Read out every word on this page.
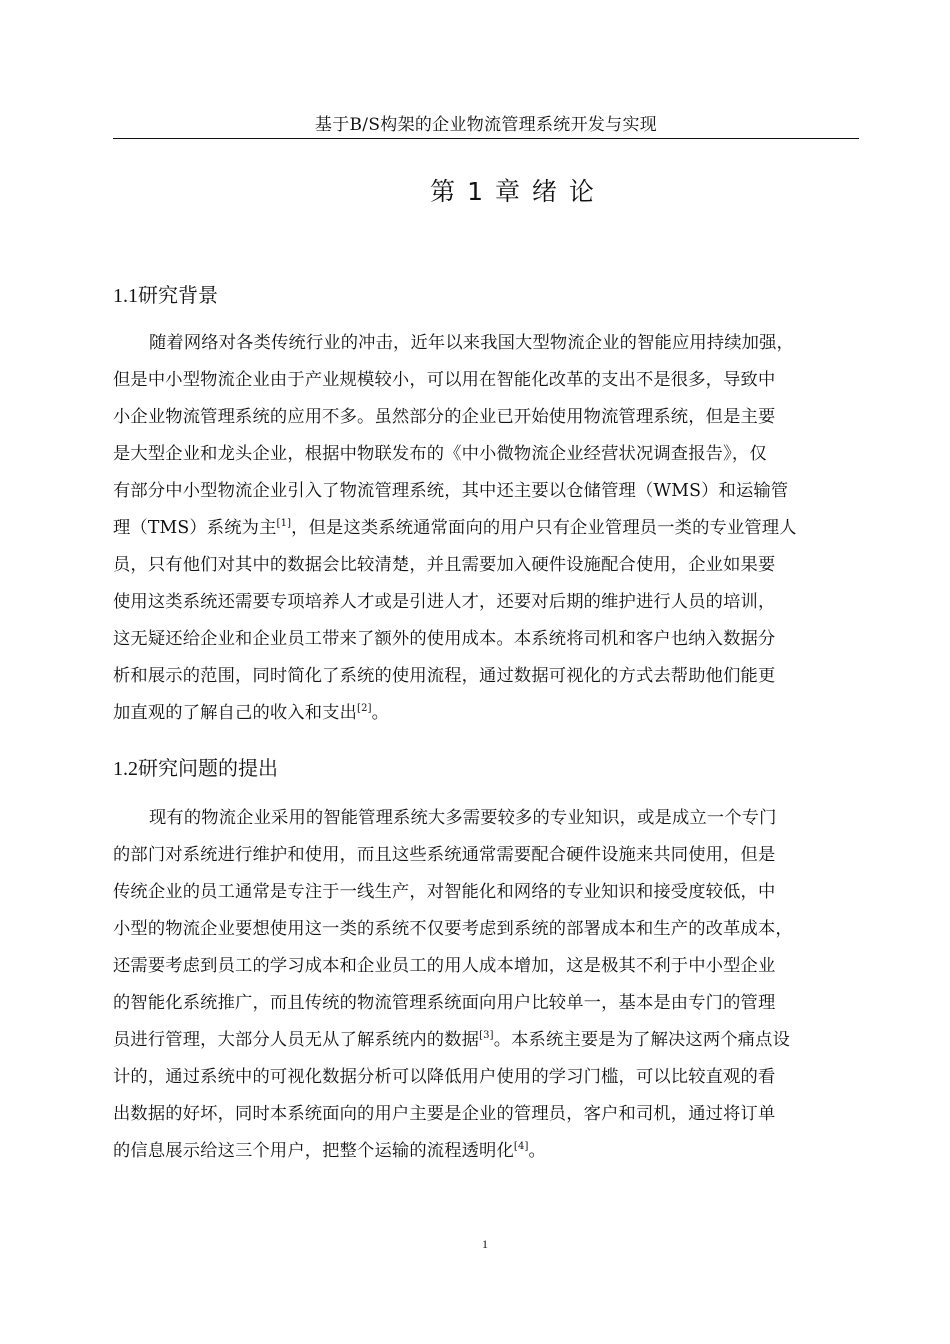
基于B/S构架的企业物流管理系统开发与实现
第 1 章 绪 论
1.1研究背景
随着网络对各类传统行业的冲击，近年以来我国大型物流企业的智能应用持续加强，
但是中小型物流企业由于产业规模较小，可以用在智能化改革的支出不是很多，导致中
小企业物流管理系统的应用不多。虽然部分的企业已开始使用物流管理系统，但是主要
是大型企业和龙头企业，根据中物联发布的《中小微物流企业经营状况调查报告》，仅
有部分中小型物流企业引入了物流管理系统，其中还主要以仓储管理（WMS）和运输管
理（TMS）系统为主[1]，但是这类系统通常面向的用户只有企业管理员一类的专业管理人
员，只有他们对其中的数据会比较清楚，并且需要加入硬件设施配合使用，企业如果要
使用这类系统还需要专项培养人才或是引进人才，还要对后期的维护进行人员的培训，
这无疑还给企业和企业员工带来了额外的使用成本。本系统将司机和客户也纳入数据分
析和展示的范围，同时简化了系统的使用流程，通过数据可视化的方式去帮助他们能更
加直观的了解自己的收入和支出[2]。
1.2研究问题的提出
现有的物流企业采用的智能管理系统大多需要较多的专业知识，或是成立一个专门
的部门对系统进行维护和使用，而且这些系统通常需要配合硬件设施来共同使用，但是
传统企业的员工通常是专注于一线生产，对智能化和网络的专业知识和接受度较低，中
小型的物流企业要想使用这一类的系统不仅要考虑到系统的部署成本和生产的改革成本，
还需要考虑到员工的学习成本和企业员工的用人成本增加，这是极其不利于中小型企业
的智能化系统推广，而且传统的物流管理系统面向用户比较单一，基本是由专门的管理
员进行管理，大部分人员无从了解系统内的数据[3]。本系统主要是为了解决这两个痛点设
计的，通过系统中的可视化数据分析可以降低用户使用的学习门槛，可以比较直观的看
出数据的好坏，同时本系统面向的用户主要是企业的管理员，客户和司机，通过将订单
的信息展示给这三个用户，把整个运输的流程透明化[4]。
1
